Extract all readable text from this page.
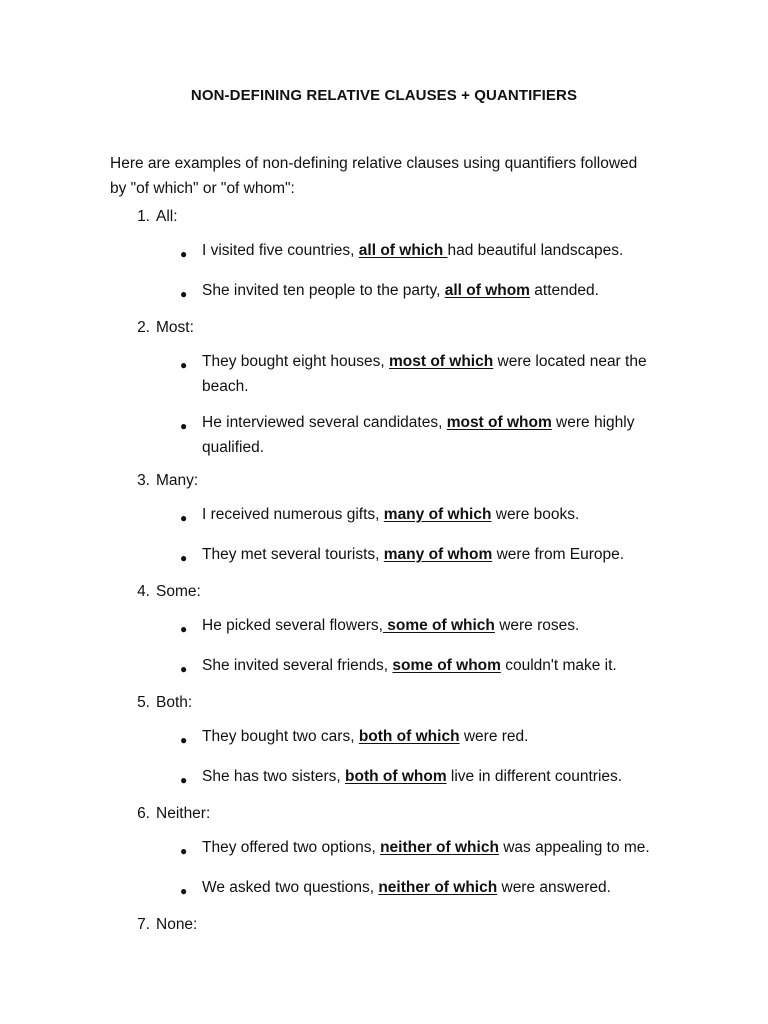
NON-DEFINING RELATIVE CLAUSES + QUANTIFIERS
Here are examples of non-defining relative clauses using quantifiers followed by "of which" or "of whom":
1. All:
● I visited five countries, all of which had beautiful landscapes.
● She invited ten people to the party, all of whom attended.
2. Most:
● They bought eight houses, most of which were located near the beach.
● He interviewed several candidates, most of whom were highly qualified.
3. Many:
● I received numerous gifts, many of which were books.
● They met several tourists, many of whom were from Europe.
4. Some:
● He picked several flowers, some of which were roses.
● She invited several friends, some of whom couldn't make it.
5. Both:
● They bought two cars, both of which were red.
● She has two sisters, both of whom live in different countries.
6. Neither:
● They offered two options, neither of which was appealing to me.
● We asked two questions, neither of which were answered.
7. None:
